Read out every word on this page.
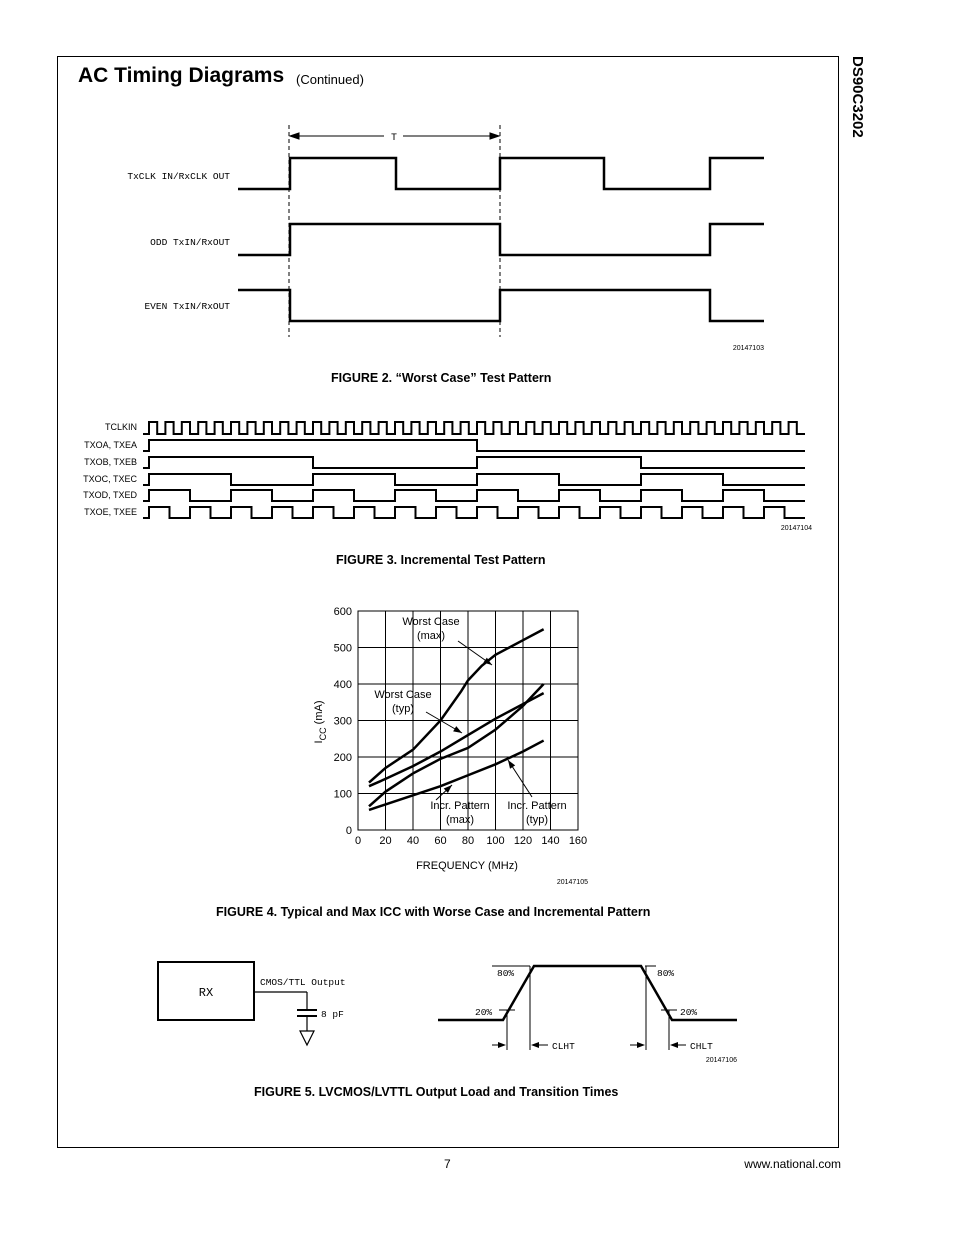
AC Timing Diagrams (Continued)	DS90C3202
T
TxCLK IN/RxCLK OUT
ODD TxIN/RxOUT
EVEN TxIN/RxOUT
20147103
FIGURE 2. “Worst Case” Test Pattern
TCLKIN
TXOA, TXEA
TXOB, TXEB
TXOC, TXEC
TXOD, TXED
TXOE, TXEE
20147104
FIGURE 3. Incremental Test Pattern
0 20 40 60 80 100 120 140 160
0
100
200
300
400
500
600
Worst Case
(max)
Worst Case
(typ)
Incr. Pattern
(max)
Incr. Pattern
(typ)
FREQUENCY (MHz)
$I_{CC}$ (mA)
20147105
FIGURE 4. Typical and Max ICC with Worse Case and Incremental Pattern
RX
CMOS/TTL Output
8 pF
80%	80%
20%	20%
CLHT	CHLT
20147106
FIGURE 5. LVCMOS/LVTTL Output Load and Transition Times
7	www.national.com
